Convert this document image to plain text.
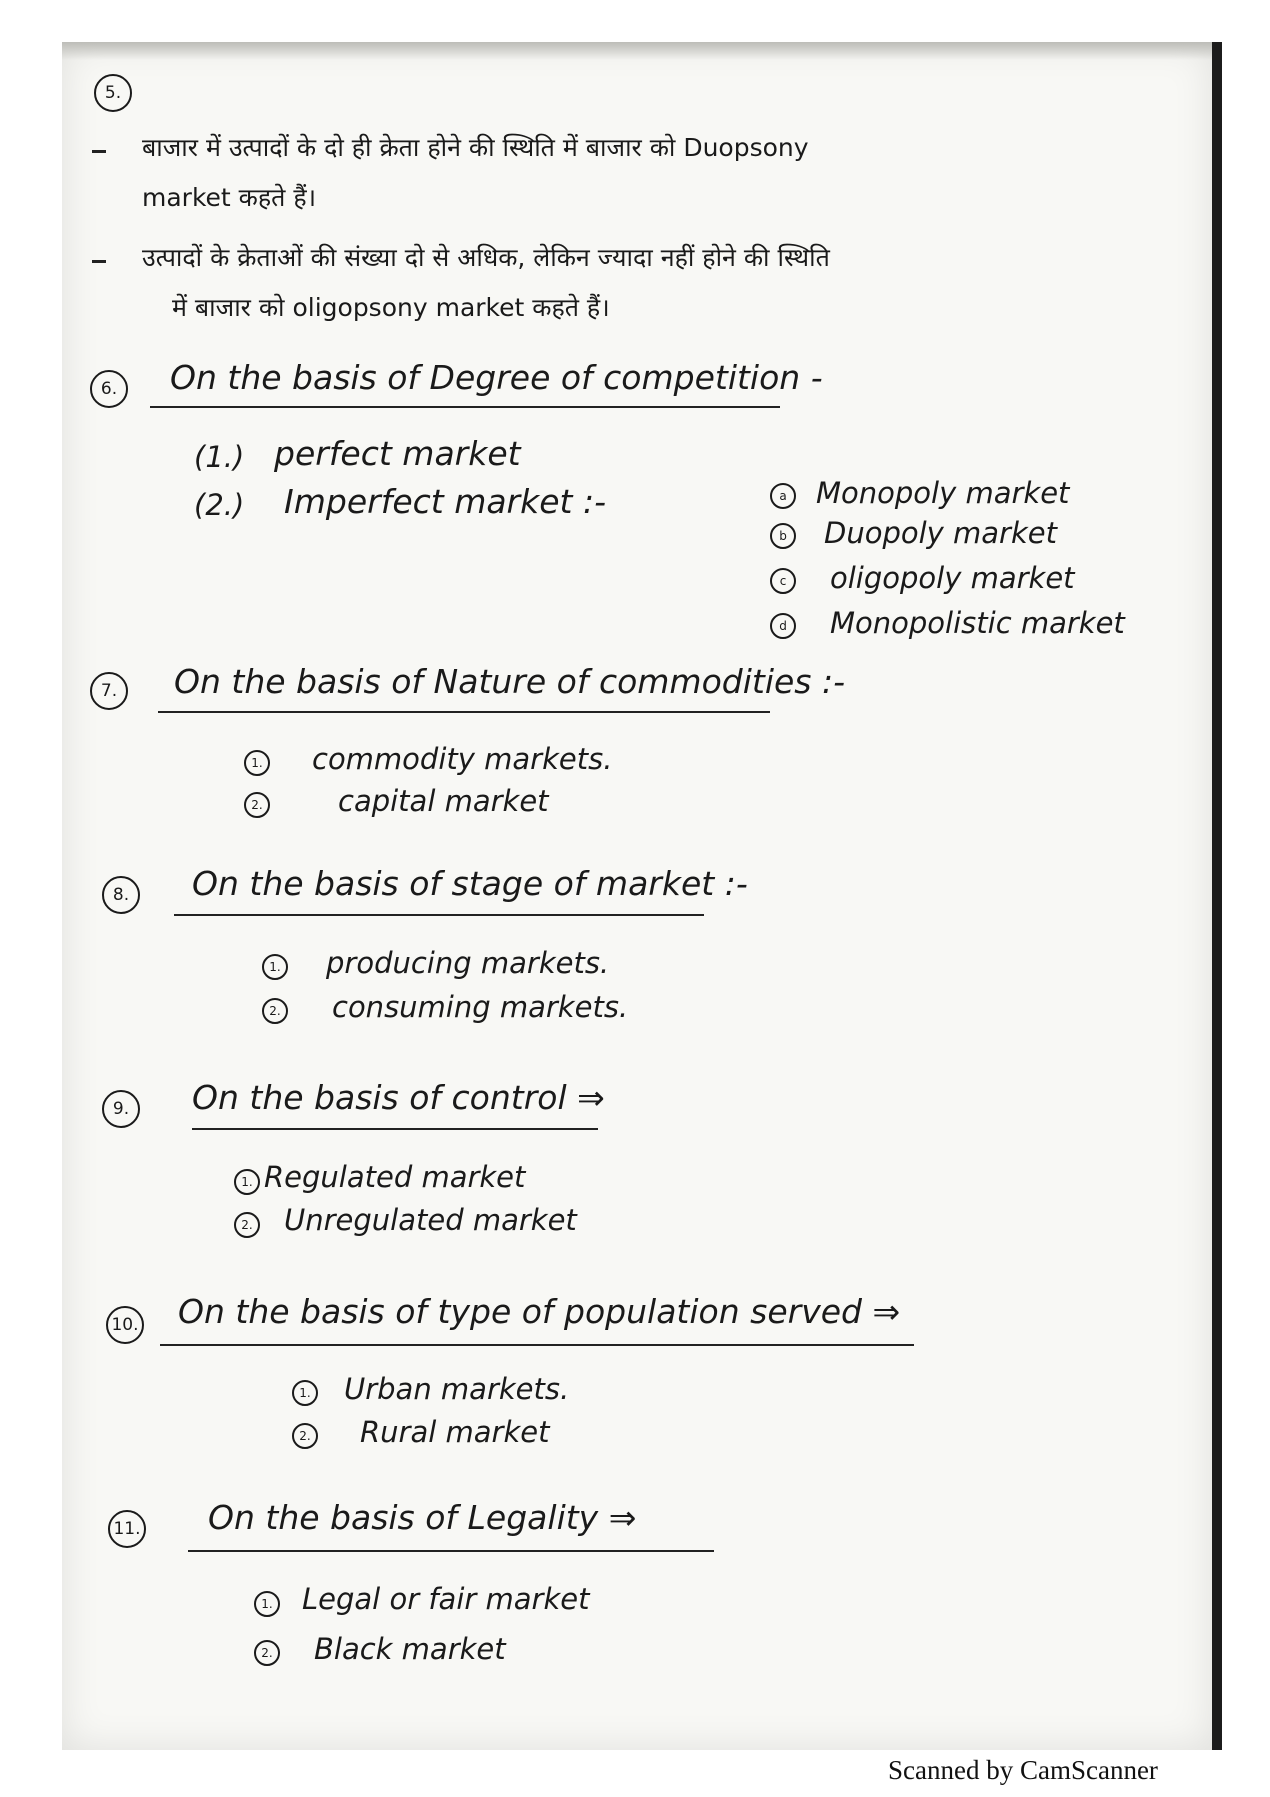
5.
बाजार में उत्पादों के दो ही क्रेता होने की स्थिति में बाजार को Duopsony
market कहते हैं।
उत्पादों के क्रेताओं की संख्या दो से अधिक, लेकिन ज्यादा नहीं होने की स्थिति
में बाजार को oligopsony market कहते हैं।
6.	On the basis of Degree of competition -
(1.) perfect market
(2.) Imperfect market :-	a	Monopoly market
b	Duopoly market
c	oligopoly market
d	Monopolistic market
7.	On the basis of Nature of commodities :-
1. commodity markets.
2.	capital market
8.	On the basis of stage of market :-
1. producing markets.
2. consuming markets.
9.	On the basis of control ⇒
1. Regulated market
2. Unregulated market
10. On the basis of type of population served ⇒
1. Urban markets.
2. Rural market
11. On the basis of Legality ⇒
1. Legal or fair market
2. Black market
Scanned by CamScanner
